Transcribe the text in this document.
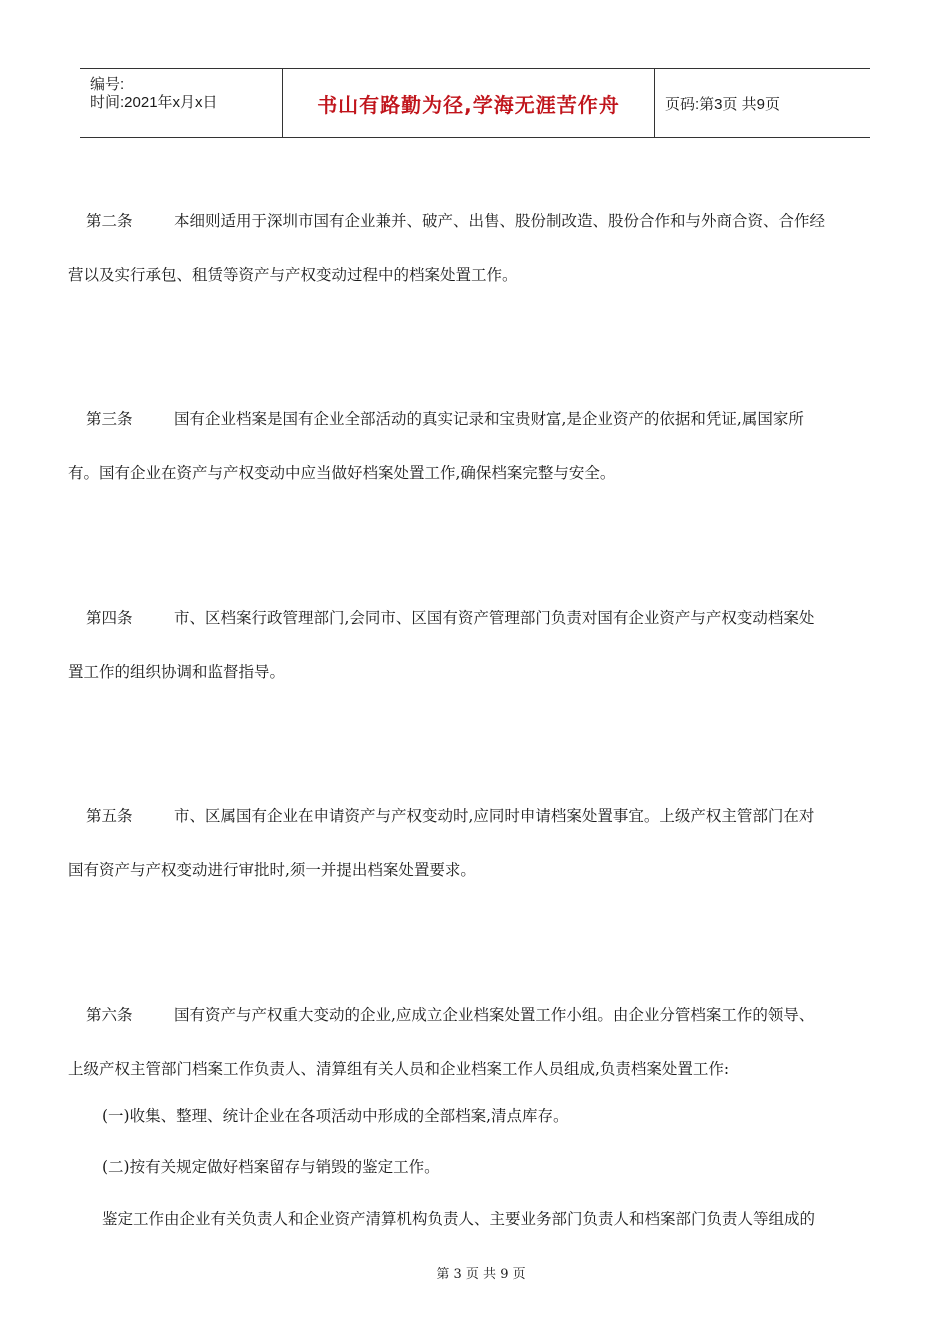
编号:
时间:2021年x月x日	书山有路勤为径,学海无涯苦作舟	页码:第3页 共9页

第二条	本细则适用于深圳市国有企业兼并、破产、出售、股份制改造、股份合作和与外商合资、合作经

营以及实行承包、租赁等资产与产权变动过程中的档案处置工作。

第三条	国有企业档案是国有企业全部活动的真实记录和宝贵财富,是企业资产的依据和凭证,属国家所

有。国有企业在资产与产权变动中应当做好档案处置工作,确保档案完整与安全。

第四条	市、区档案行政管理部门,会同市、区国有资产管理部门负责对国有企业资产与产权变动档案处

置工作的组织协调和监督指导。

第五条	市、区属国有企业在申请资产与产权变动时,应同时申请档案处置事宜。上级产权主管部门在对

国有资产与产权变动进行审批时,须一并提出档案处置要求。

第六条	国有资产与产权重大变动的企业,应成立企业档案处置工作小组。由企业分管档案工作的领导、

上级产权主管部门档案工作负责人、清算组有关人员和企业档案工作人员组成,负责档案处置工作:

(一)收集、整理、统计企业在各项活动中形成的全部档案,清点库存。
(二)按有关规定做好档案留存与销毁的鉴定工作。
鉴定工作由企业有关负责人和企业资产清算机构负责人、主要业务部门负责人和档案部门负责人等组成的
第 3 页 共 9 页
